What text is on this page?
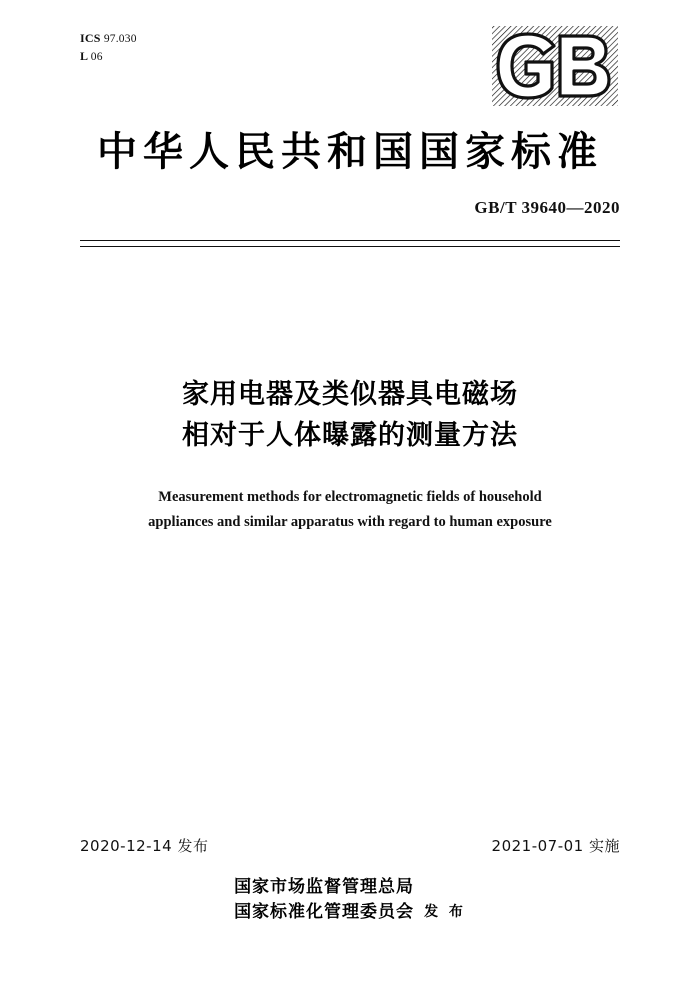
ICS 97.030
L 06
中华人民共和国国家标准
GB/T 39640—2020
家用电器及类似器具电磁场
相对于人体曝露的测量方法
Measurement methods for electromagnetic fields of household
appliances and similar apparatus with regard to human exposure
2020-12-14 发布	2021-07-01 实施
国家市场监督管理总局
国家标准化管理委员会 发 布
